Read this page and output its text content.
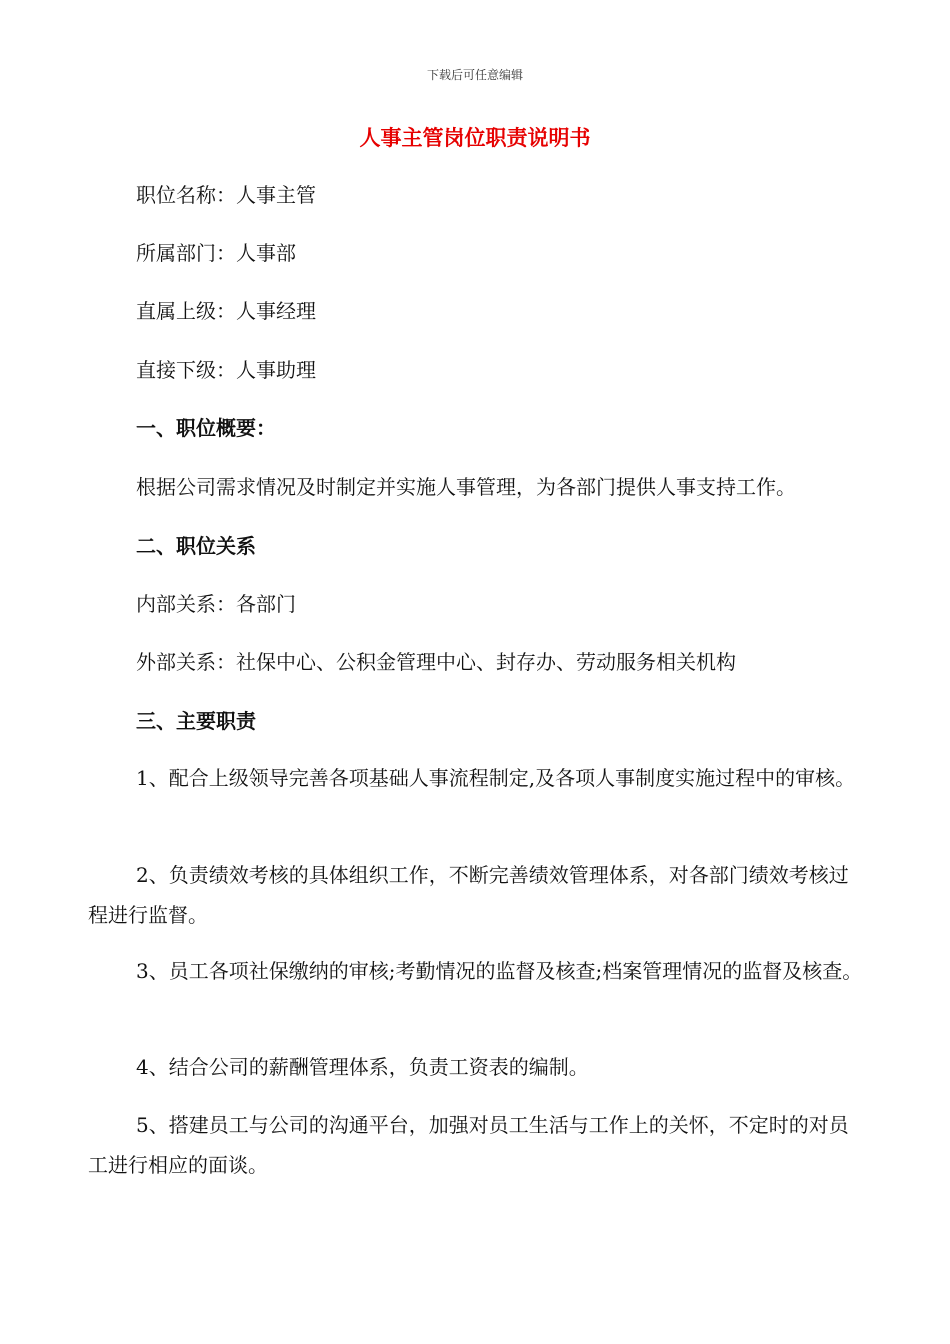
下载后可任意编辑
人事主管岗位职责说明书
职位名称：人事主管
所属部门：人事部
直属上级：人事经理
直接下级：人事助理
一、职位概要：
根据公司需求情况及时制定并实施人事管理，为各部门提供人事支持工作。
二、职位关系
内部关系：各部门
外部关系：社保中心、公积金管理中心、封存办、劳动服务相关机构
三、主要职责
1、配合上级领导完善各项基础人事流程制定,及各项人事制度实施过程中的审核。
2、负责绩效考核的具体组织工作，不断完善绩效管理体系，对各部门绩效考核过程进行监督。
3、员工各项社保缴纳的审核;考勤情况的监督及核查;档案管理情况的监督及核查。
4、结合公司的薪酬管理体系，负责工资表的编制。
5、搭建员工与公司的沟通平台，加强对员工生活与工作上的关怀，不定时的对员工进行相应的面谈。
